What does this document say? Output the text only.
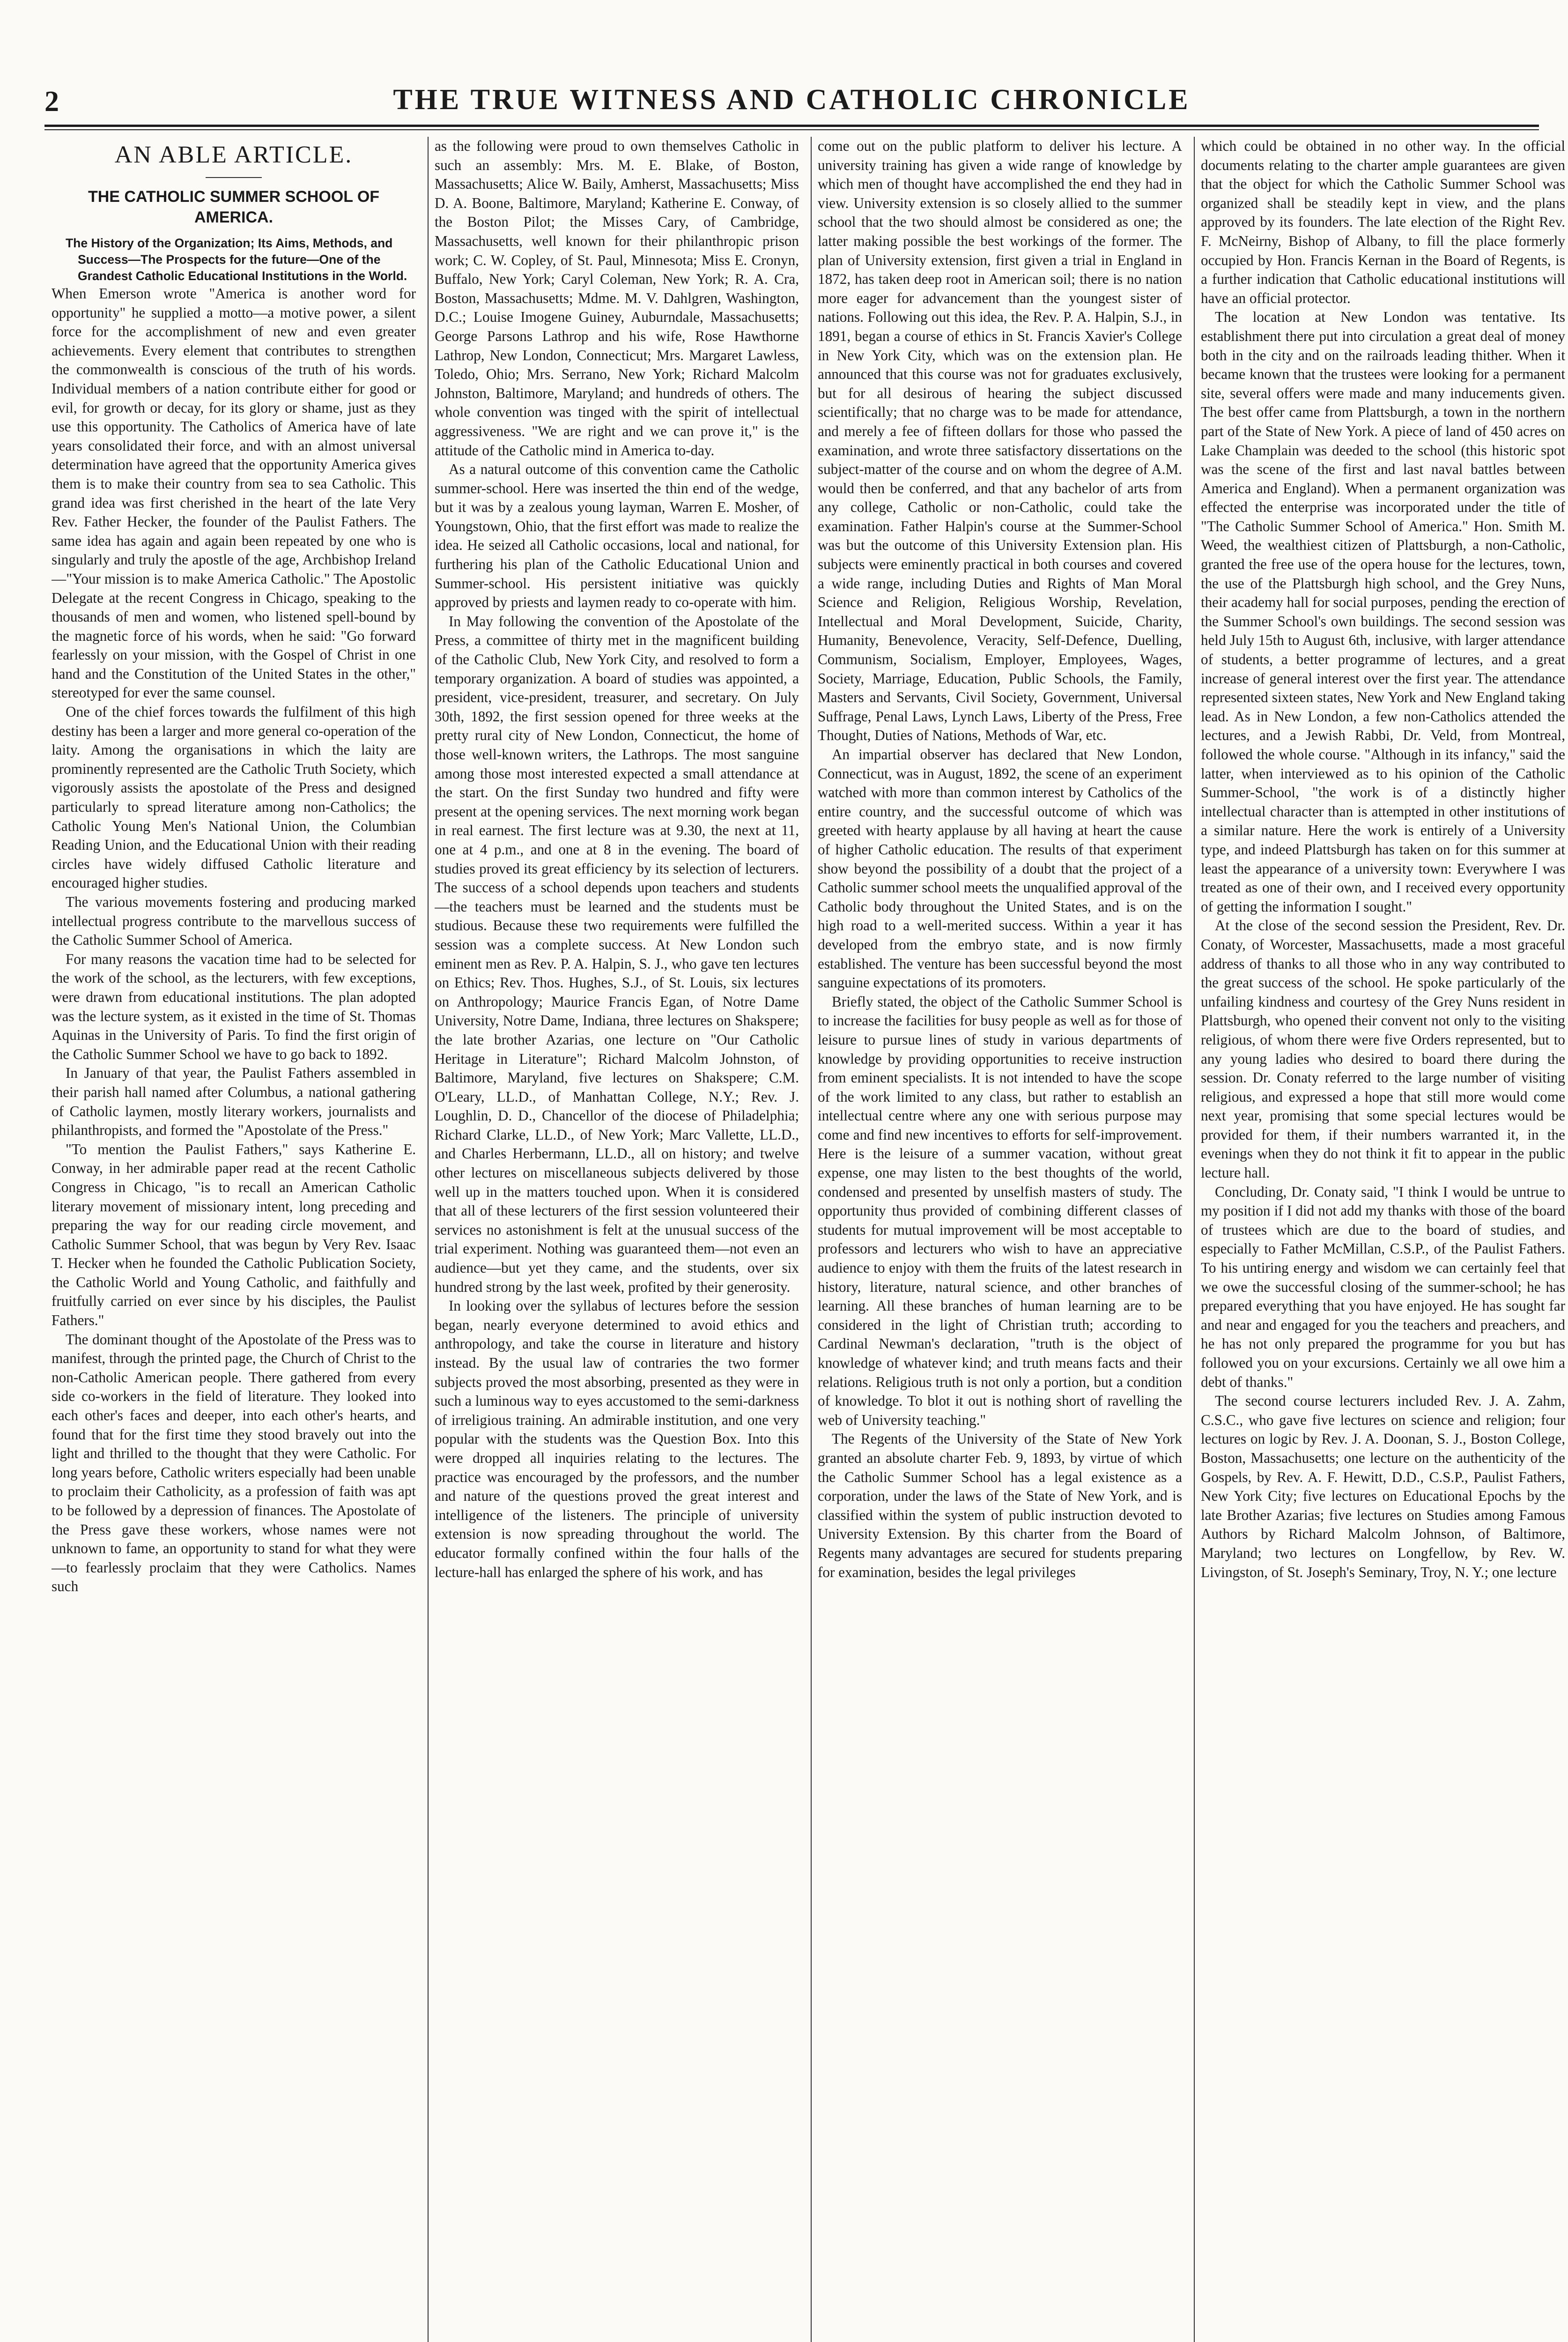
2	THE TRUE WITNESS AND CATHOLIC CHRONICLE
AN ABLE ARTICLE.
THE CATHOLIC SUMMER SCHOOL OF AMERICA.

The History of the Organization; Its Aims, Methods, and Success—The Prospects for the future—One of the Grandest Catholic Educational Institutions in the World.

When Emerson wrote "America is another word for opportunity" he supplied a motto—a motive power, a silent force for the accomplishment of new and even greater achievements. Every element that contributes to strengthen the commonwealth is conscious of the truth of his words. Individual members of a nation contribute either for good or evil, for growth or decay, for its glory or shame, just as they use this opportunity. The Catholics of America have of late years consolidated their force, and with an almost universal determination have agreed that the opportunity America gives them is to make their country from sea to sea Catholic. This grand idea was first cherished in the heart of the late Very Rev. Father Hecker, the founder of the Paulist Fathers. The same idea has again and again been repeated by one who is singularly and truly the apostle of the age, Archbishop Ireland—"Your mission is to make America Catholic." The Apostolic Delegate at the recent Congress in Chicago, speaking to the thousands of men and women, who listened spell-bound by the magnetic force of his words, when he said: "Go forward fearlessly on your mission, with the Gospel of Christ in one hand and the Constitution of the United States in the other," stereotyped for ever the same counsel.

One of the chief forces towards the fulfilment of this high destiny has been a larger and more general co-operation of the laity. Among the organisations in which the laity are prominently represented are the Catholic Truth Society, which vigorously assists the apostolate of the Press and designed particularly to spread literature among non-Catholics; the Catholic Young Men's National Union, the Columbian Reading Union, and the Educational Union with their reading circles have widely diffused Catholic literature and encouraged higher studies.

The various movements fostering and producing marked intellectual progress contribute to the marvellous success of the Catholic Summer School of America.

For many reasons the vacation time had to be selected for the work of the school, as the lecturers, with few exceptions, were drawn from educational institutions. The plan adopted was the lecture system, as it existed in the time of St. Thomas Aquinas in the University of Paris. To find the first origin of the Catholic Summer School we have to go back to 1892.

In January of that year, the Paulist Fathers assembled in their parish hall named after Columbus, a national gathering of Catholic laymen, mostly literary workers, journalists and philanthropists, and formed the "Apostolate of the Press."

"To mention the Paulist Fathers," says Katherine E. Conway, in her admirable paper read at the recent Catholic Congress in Chicago, "is to recall an American Catholic literary movement of missionary intent, long preceding and preparing the way for our reading circle movement, and Catholic Summer School, that was begun by Very Rev. Isaac T. Hecker when he founded the Catholic Publication Society, the Catholic World and Young Catholic, and faithfully and fruitfully carried on ever since by his disciples, the Paulist Fathers."

The dominant thought of the Apostolate of the Press was to manifest, through the printed page, the Church of Christ to the non-Catholic American people. There gathered from every side co-workers in the field of literature. They looked into each other's faces and deeper, into each other's hearts, and found that for the first time they stood bravely out into the light and thrilled to the thought that they were Catholic. For long years before, Catholic writers especially had been unable to proclaim their Catholicity, as a profession of faith was apt to be followed by a depression of finances. The Apostolate of the Press gave these workers, whose names were not unknown to fame, an opportunity to stand for what they were—to fearlessly proclaim that they were Catholics. Names such

as the following were proud to own themselves Catholic in such an assembly: Mrs. M. E. Blake, of Boston, Massachusetts; Alice W. Baily, Amherst, Massachusetts; Miss D. A. Boone, Baltimore, Maryland; Katherine E. Conway, of the Boston Pilot; the Misses Cary, of Cambridge, Massachusetts, well known for their philanthropic prison work; C. W. Copley, of St. Paul, Minnesota; Miss E. Cronyn, Buffalo, New York; Caryl Coleman, New York; R. A. Cra, Boston, Massachusetts; Mdme. M. V. Dahlgren, Washington, D.C.; Louise Imogene Guiney, Auburndale, Massachusetts; George Parsons Lathrop and his wife, Rose Hawthorne Lathrop, New London, Connecticut; Mrs. Margaret Lawless, Toledo, Ohio; Mrs. Serrano, New York; Richard Malcolm Johnston, Baltimore, Maryland; and hundreds of others. The whole convention was tinged with the spirit of intellectual aggressiveness. "We are right and we can prove it," is the attitude of the Catholic mind in America to-day.

As a natural outcome of this convention came the Catholic summer-school. Here was inserted the thin end of the wedge, but it was by a zealous young layman, Warren E. Mosher, of Youngstown, Ohio, that the first effort was made to realize the idea. He seized all Catholic occasions, local and national, for furthering his plan of the Catholic Educational Union and Summer-school. His persistent initiative was quickly approved by priests and laymen ready to co-operate with him.

In May following the convention of the Apostolate of the Press, a committee of thirty met in the magnificent building of the Catholic Club, New York City, and resolved to form a temporary organization. A board of studies was appointed, a president, vice-president, treasurer, and secretary. On July 30th, 1892, the first session opened for three weeks at the pretty rural city of New London, Connecticut, the home of those well-known writers, the Lathrops. The most sanguine among those most interested expected a small attendance at the start. On the first Sunday two hundred and fifty were present at the opening services. The next morning work began in real earnest. The first lecture was at 9.30, the next at 11, one at 4 p.m., and one at 8 in the evening. The board of studies proved its great efficiency by its selection of lecturers. The success of a school depends upon teachers and students—the teachers must be learned and the students must be studious. Because these two requirements were fulfilled the session was a complete success. At New London such eminent men as Rev. P. A. Halpin, S. J., who gave ten lectures on Ethics; Rev. Thos. Hughes, S.J., of St. Louis, six lectures on Anthropology; Maurice Francis Egan, of Notre Dame University, Notre Dame, Indiana, three lectures on Shakspere; the late brother Azarias, one lecture on "Our Catholic Heritage in Literature"; Richard Malcolm Johnston, of Baltimore, Maryland, five lectures on Shakspere; C.M. O'Leary, LL.D., of Manhattan College, N.Y.; Rev. J. Loughlin, D. D., Chancellor of the diocese of Philadelphia; Richard Clarke, LL.D., of New York; Marc Vallette, LL.D., and Charles Herbermann, LL.D., all on history; and twelve other lectures on miscellaneous subjects delivered by those well up in the matters touched upon. When it is considered that all of these lecturers of the first session volunteered their services no astonishment is felt at the unusual success of the trial experiment. Nothing was guaranteed them—not even an audience—but yet they came, and the students, over six hundred strong by the last week, profited by their generosity.

In looking over the syllabus of lectures before the session began, nearly everyone determined to avoid ethics and anthropology, and take the course in literature and history instead. By the usual law of contraries the two former subjects proved the most absorbing, presented as they were in such a luminous way to eyes accustomed to the semi-darkness of irreligious training. An admirable institution, and one very popular with the students was the Question Box. Into this were dropped all inquiries relating to the lectures. The practice was encouraged by the professors, and the number and nature of the questions proved the great interest and intelligence of the listeners. The principle of university extension is now spreading throughout the world. The educator formally confined within the four halls of the lecture-hall has enlarged the sphere of his work, and has

come out on the public platform to deliver his lecture. A university training has given a wide range of knowledge by which men of thought have accomplished the end they had in view. University extension is so closely allied to the summer school that the two should almost be considered as one; the latter making possible the best workings of the former. The plan of University extension, first given a trial in England in 1872, has taken deep root in American soil; there is no nation more eager for advancement than the youngest sister of nations. Following out this idea, the Rev. P. A. Halpin, S.J., in 1891, began a course of ethics in St. Francis Xavier's College in New York City, which was on the extension plan. He announced that this course was not for graduates exclusively, but for all desirous of hearing the subject discussed scientifically; that no charge was to be made for attendance, and merely a fee of fifteen dollars for those who passed the examination, and wrote three satisfactory dissertations on the subject-matter of the course and on whom the degree of A.M. would then be conferred, and that any bachelor of arts from any college, Catholic or non-Catholic, could take the examination. Father Halpin's course at the Summer-School was but the outcome of this University Extension plan. His subjects were eminently practical in both courses and covered a wide range, including Duties and Rights of Man Moral Science and Religion, Religious Worship, Revelation, Intellectual and Moral Development, Suicide, Charity, Humanity, Benevolence, Veracity, Self-Defence, Duelling, Communism, Socialism, Employer, Employees, Wages, Society, Marriage, Education, Public Schools, the Family, Masters and Servants, Civil Society, Government, Universal Suffrage, Penal Laws, Lynch Laws, Liberty of the Press, Free Thought, Duties of Nations, Methods of War, etc.

An impartial observer has declared that New London, Connecticut, was in August, 1892, the scene of an experiment watched with more than common interest by Catholics of the entire country, and the successful outcome of which was greeted with hearty applause by all having at heart the cause of higher Catholic education. The results of that experiment show beyond the possibility of a doubt that the project of a Catholic summer school meets the unqualified approval of the Catholic body throughout the United States, and is on the high road to a well-merited success. Within a year it has developed from the embryo state, and is now firmly established. The venture has been successful beyond the most sanguine expectations of its promoters.

Briefly stated, the object of the Catholic Summer School is to increase the facilities for busy people as well as for those of leisure to pursue lines of study in various departments of knowledge by providing opportunities to receive instruction from eminent specialists. It is not intended to have the scope of the work limited to any class, but rather to establish an intellectual centre where any one with serious purpose may come and find new incentives to efforts for self-improvement. Here is the leisure of a summer vacation, without great expense, one may listen to the best thoughts of the world, condensed and presented by unselfish masters of study. The opportunity thus provided of combining different classes of students for mutual improvement will be most acceptable to professors and lecturers who wish to have an appreciative audience to enjoy with them the fruits of the latest research in history, literature, natural science, and other branches of learning. All these branches of human learning are to be considered in the light of Christian truth; according to Cardinal Newman's declaration, "truth is the object of knowledge of whatever kind; and truth means facts and their relations. Religious truth is not only a portion, but a condition of knowledge. To blot it out is nothing short of ravelling the web of University teaching."

The Regents of the University of the State of New York granted an absolute charter Feb. 9, 1893, by virtue of which the Catholic Summer School has a legal existence as a corporation, under the laws of the State of New York, and is classified within the system of public instruction devoted to University Extension. By this charter from the Board of Regents many advantages are secured for students preparing for examination, besides the legal privileges

which could be obtained in no other way. In the official documents relating to the charter ample guarantees are given that the object for which the Catholic Summer School was organized shall be steadily kept in view, and the plans approved by its founders. The late election of the Right Rev. F. McNeirny, Bishop of Albany, to fill the place formerly occupied by Hon. Francis Kernan in the Board of Regents, is a further indication that Catholic educational institutions will have an official protector.

The location at New London was tentative. Its establishment there put into circulation a great deal of money both in the city and on the railroads leading thither. When it became known that the trustees were looking for a permanent site, several offers were made and many inducements given. The best offer came from Plattsburgh, a town in the northern part of the State of New York. A piece of land of 450 acres on Lake Champlain was deeded to the school (this historic spot was the scene of the first and last naval battles between America and England). When a permanent organization was effected the enterprise was incorporated under the title of "The Catholic Summer School of America." Hon. Smith M. Weed, the wealthiest citizen of Plattsburgh, a non-Catholic, granted the free use of the opera house for the lectures, town, the use of the Plattsburgh high school, and the Grey Nuns, their academy hall for social purposes, pending the erection of the Summer School's own buildings. The second session was held July 15th to August 6th, inclusive, with larger attendance of students, a better programme of lectures, and a great increase of general interest over the first year. The attendance represented sixteen states, New York and New England taking lead. As in New London, a few non-Catholics attended the lectures, and a Jewish Rabbi, Dr. Veld, from Montreal, followed the whole course. "Although in its infancy," said the latter, when interviewed as to his opinion of the Catholic Summer-School, "the work is of a distinctly higher intellectual character than is attempted in other institutions of a similar nature. Here the work is entirely of a University type, and indeed Plattsburgh has taken on for this summer at least the appearance of a university town: Everywhere I was treated as one of their own, and I received every opportunity of getting the information I sought."

At the close of the second session the President, Rev. Dr. Conaty, of Worcester, Massachusetts, made a most graceful address of thanks to all those who in any way contributed to the great success of the school. He spoke particularly of the unfailing kindness and courtesy of the Grey Nuns resident in Plattsburgh, who opened their convent not only to the visiting religious, of whom there were five Orders represented, but to any young ladies who desired to board there during the session. Dr. Conaty referred to the large number of visiting religious, and expressed a hope that still more would come next year, promising that some special lectures would be provided for them, if their numbers warranted it, in the evenings when they do not think it fit to appear in the public lecture hall.

Concluding, Dr. Conaty said, "I think I would be untrue to my position if I did not add my thanks with those of the board of trustees which are due to the board of studies, and especially to Father McMillan, C.S.P., of the Paulist Fathers. To his untiring energy and wisdom we can certainly feel that we owe the successful closing of the summer-school; he has prepared everything that you have enjoyed. He has sought far and near and engaged for you the teachers and preachers, and he has not only prepared the programme for you but has followed you on your excursions. Certainly we all owe him a debt of thanks."

The second course lecturers included Rev. J. A. Zahm, C.S.C., who gave five lectures on science and religion; four lectures on logic by Rev. J. A. Doonan, S. J., Boston College, Boston, Massachusetts; one lecture on the authenticity of the Gospels, by Rev. A. F. Hewitt, D.D., C.S.P., Paulist Fathers, New York City; five lectures on Educational Epochs by the late Brother Azarias; five lectures on Studies among Famous Authors by Richard Malcolm Johnson, of Baltimore, Maryland; two lectures on Longfellow, by Rev. W. Livingston, of St. Joseph's Seminary, Troy, N. Y.; one lecture
